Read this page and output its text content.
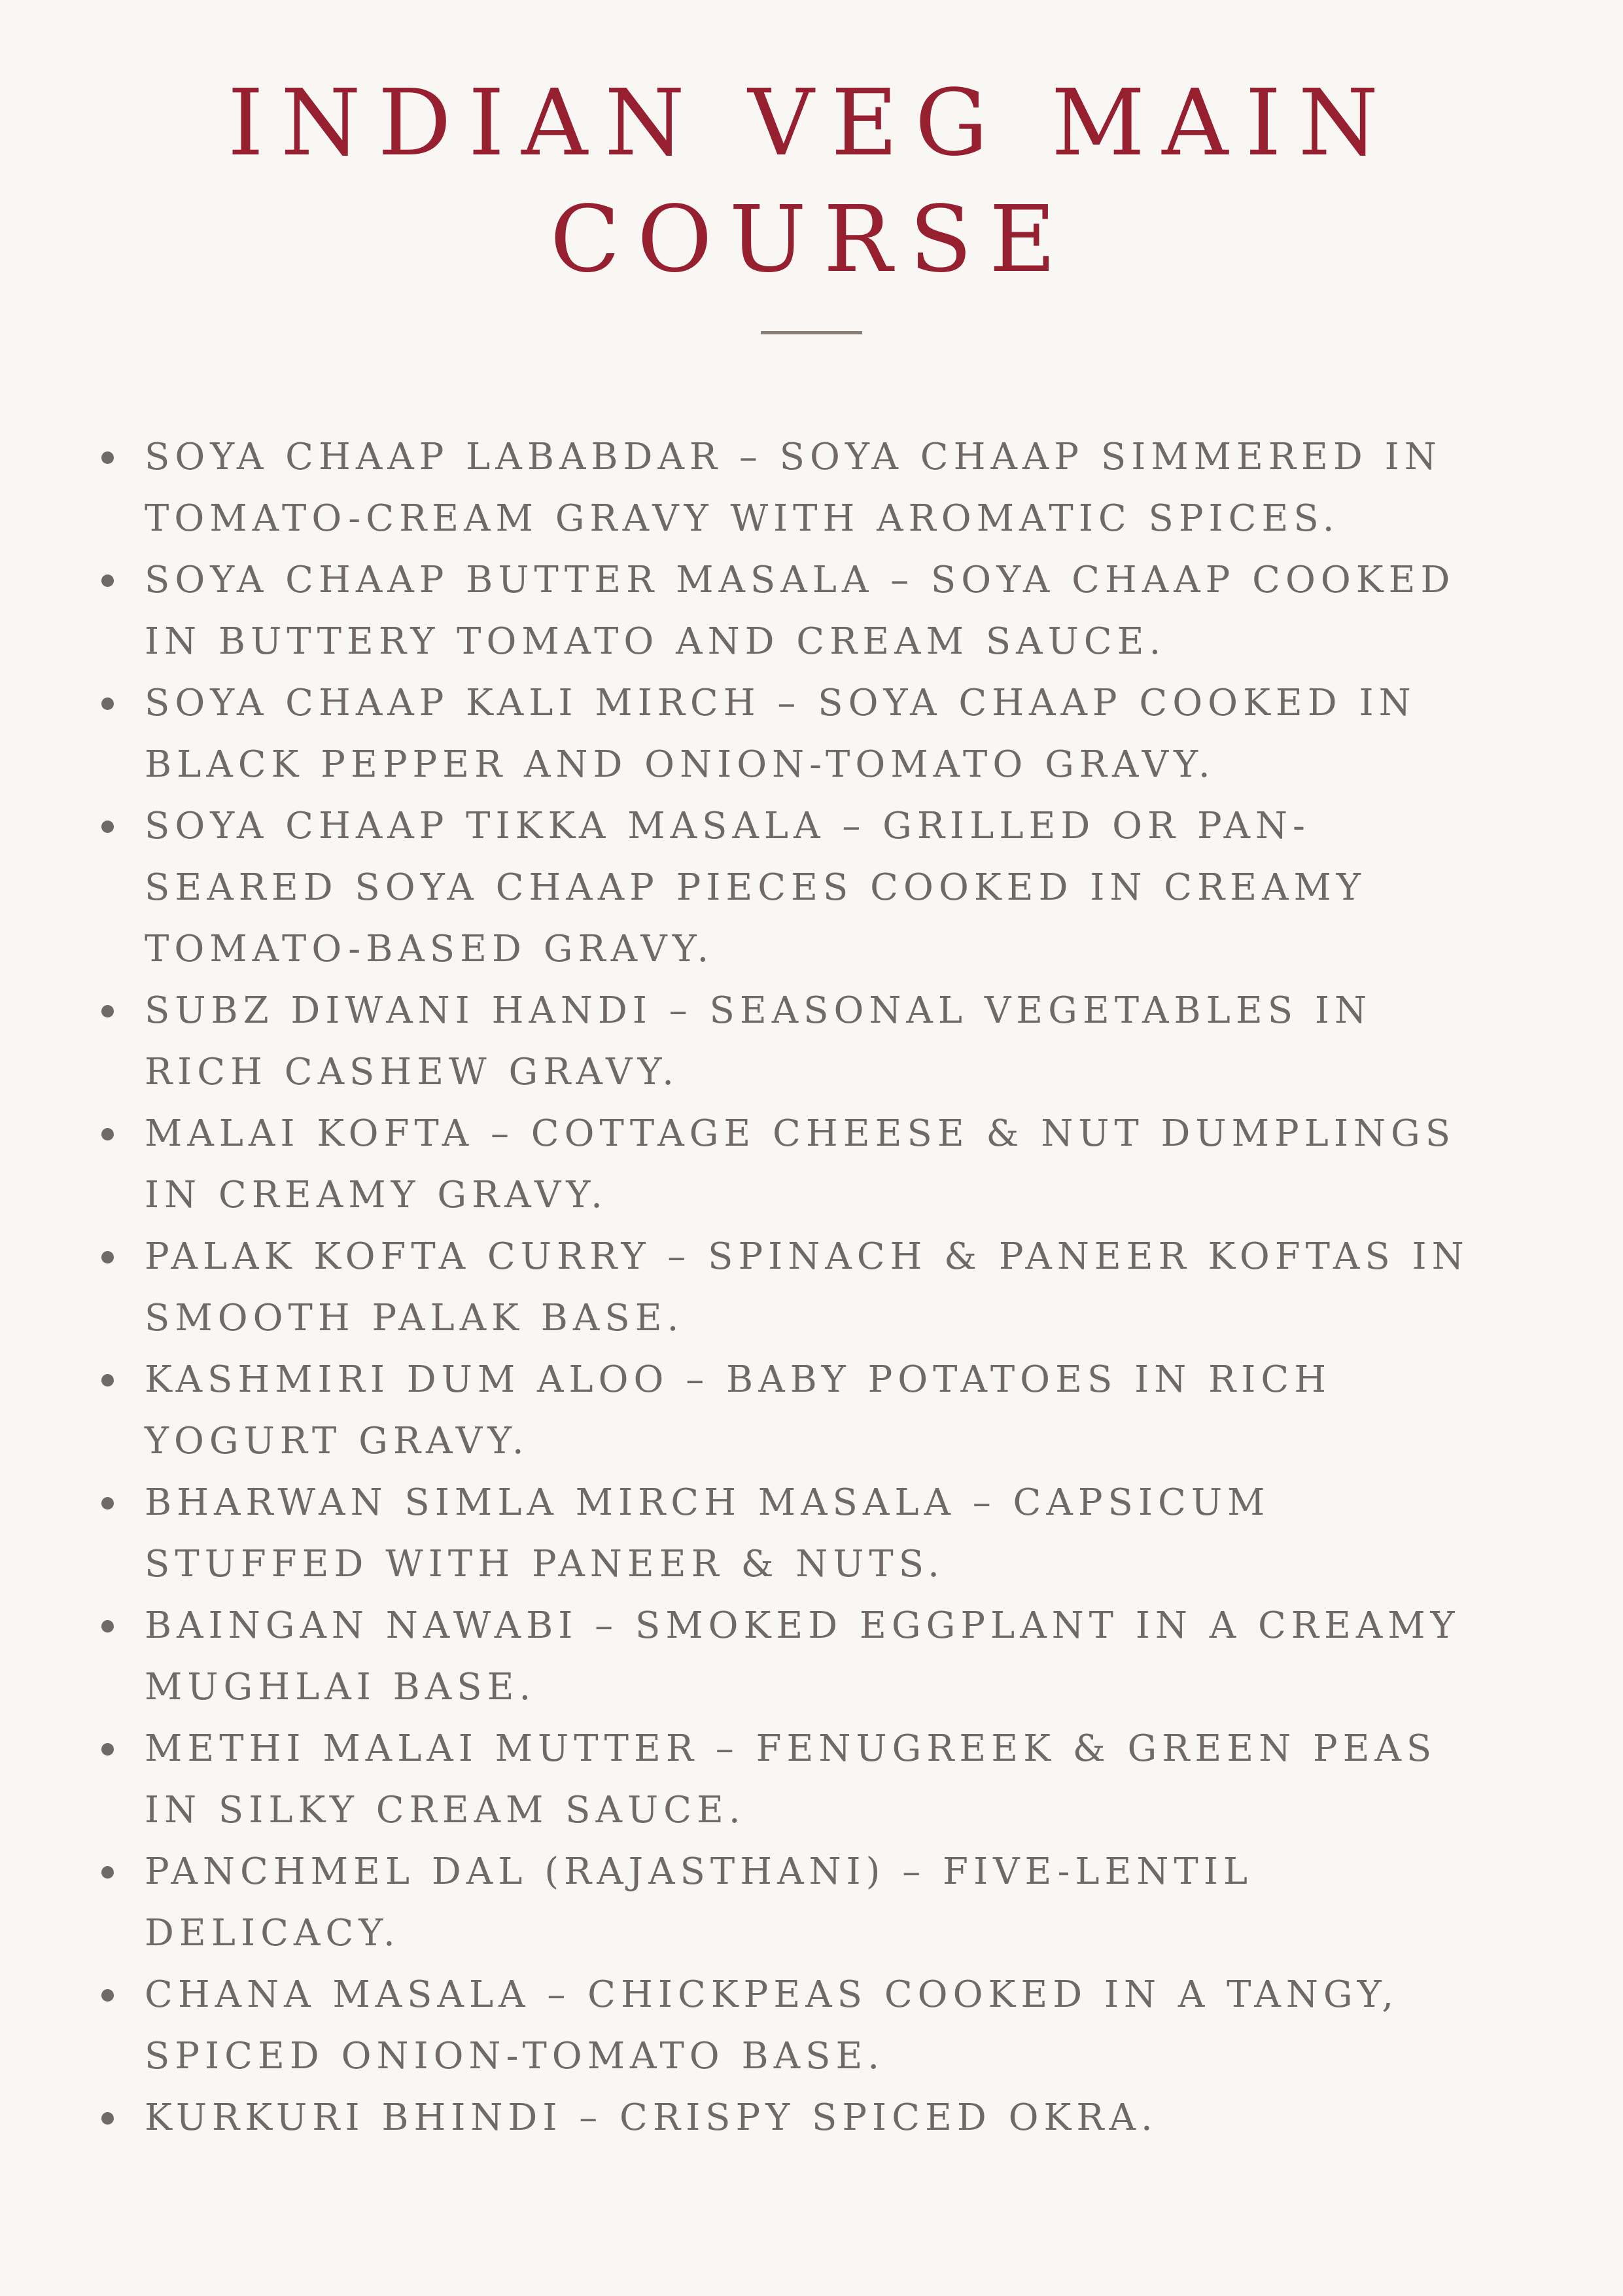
INDIAN VEG MAIN
COURSE
SOYA CHAAP LABABDAR – SOYA CHAAP SIMMERED IN
TOMATO-CREAM GRAVY WITH AROMATIC SPICES.
SOYA CHAAP BUTTER MASALA – SOYA CHAAP COOKED
IN BUTTERY TOMATO AND CREAM SAUCE.
SOYA CHAAP KALI MIRCH – SOYA CHAAP COOKED IN
BLACK PEPPER AND ONION-TOMATO GRAVY.
SOYA CHAAP TIKKA MASALA – GRILLED OR PAN-
SEARED SOYA CHAAP PIECES COOKED IN CREAMY
TOMATO-BASED GRAVY.
SUBZ DIWANI HANDI – SEASONAL VEGETABLES IN
RICH CASHEW GRAVY.
MALAI KOFTA – COTTAGE CHEESE & NUT DUMPLINGS
IN CREAMY GRAVY.
PALAK KOFTA CURRY – SPINACH & PANEER KOFTAS IN
SMOOTH PALAK BASE.
KASHMIRI DUM ALOO – BABY POTATOES IN RICH
YOGURT GRAVY.
BHARWAN SIMLA MIRCH MASALA – CAPSICUM
STUFFED WITH PANEER & NUTS.
BAINGAN NAWABI – SMOKED EGGPLANT IN A CREAMY
MUGHLAI BASE.
METHI MALAI MUTTER – FENUGREEK & GREEN PEAS
IN SILKY CREAM SAUCE.
PANCHMEL DAL (RAJASTHANI) – FIVE-LENTIL
DELICACY.
CHANA MASALA – CHICKPEAS COOKED IN A TANGY,
SPICED ONION-TOMATO BASE.
KURKURI BHINDI – CRISPY SPICED OKRA.
